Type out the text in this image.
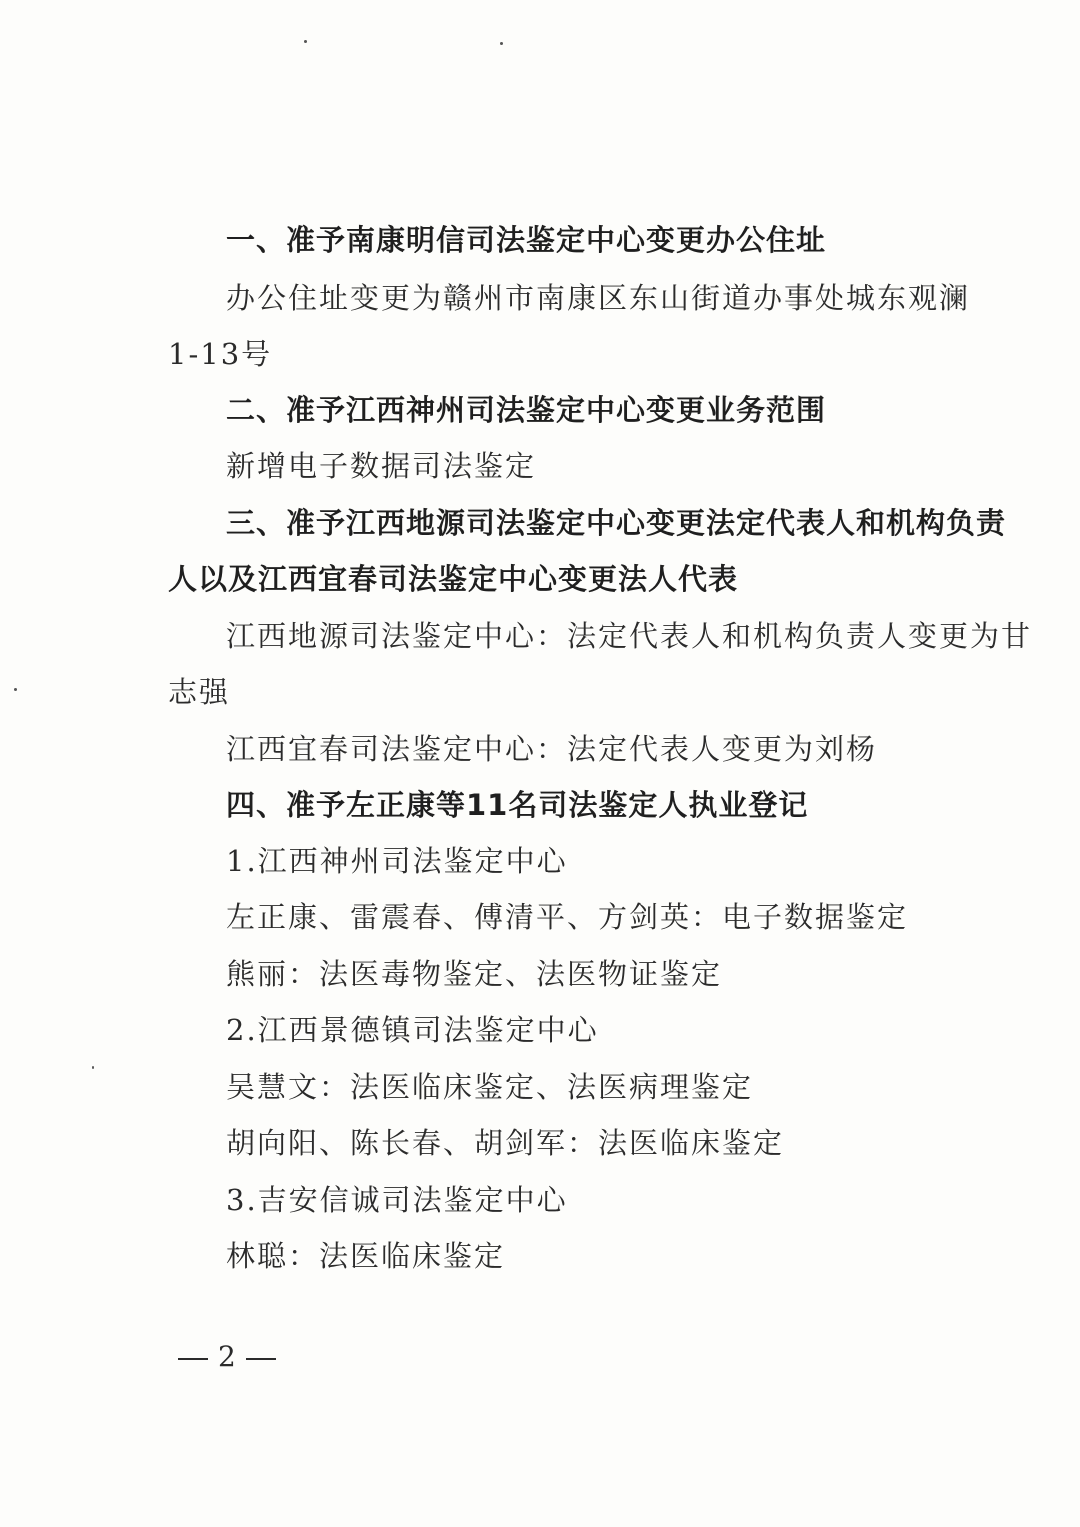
一、准予南康明信司法鉴定中心变更办公住址
办公住址变更为赣州市南康区东山街道办事处城东观澜
1-13号
二、准予江西神州司法鉴定中心变更业务范围
新增电子数据司法鉴定
三、准予江西地源司法鉴定中心变更法定代表人和机构负责
人以及江西宜春司法鉴定中心变更法人代表
江西地源司法鉴定中心：法定代表人和机构负责人变更为甘
志强
江西宜春司法鉴定中心：法定代表人变更为刘杨
四、准予左正康等11名司法鉴定人执业登记
1.江西神州司法鉴定中心
左正康、雷震春、傅清平、方剑英：电子数据鉴定
熊丽：法医毒物鉴定、法医物证鉴定
2.江西景德镇司法鉴定中心
吴慧文：法医临床鉴定、法医病理鉴定
胡向阳、陈长春、胡剑军：法医临床鉴定
3.吉安信诚司法鉴定中心
林聪：法医临床鉴定
2
